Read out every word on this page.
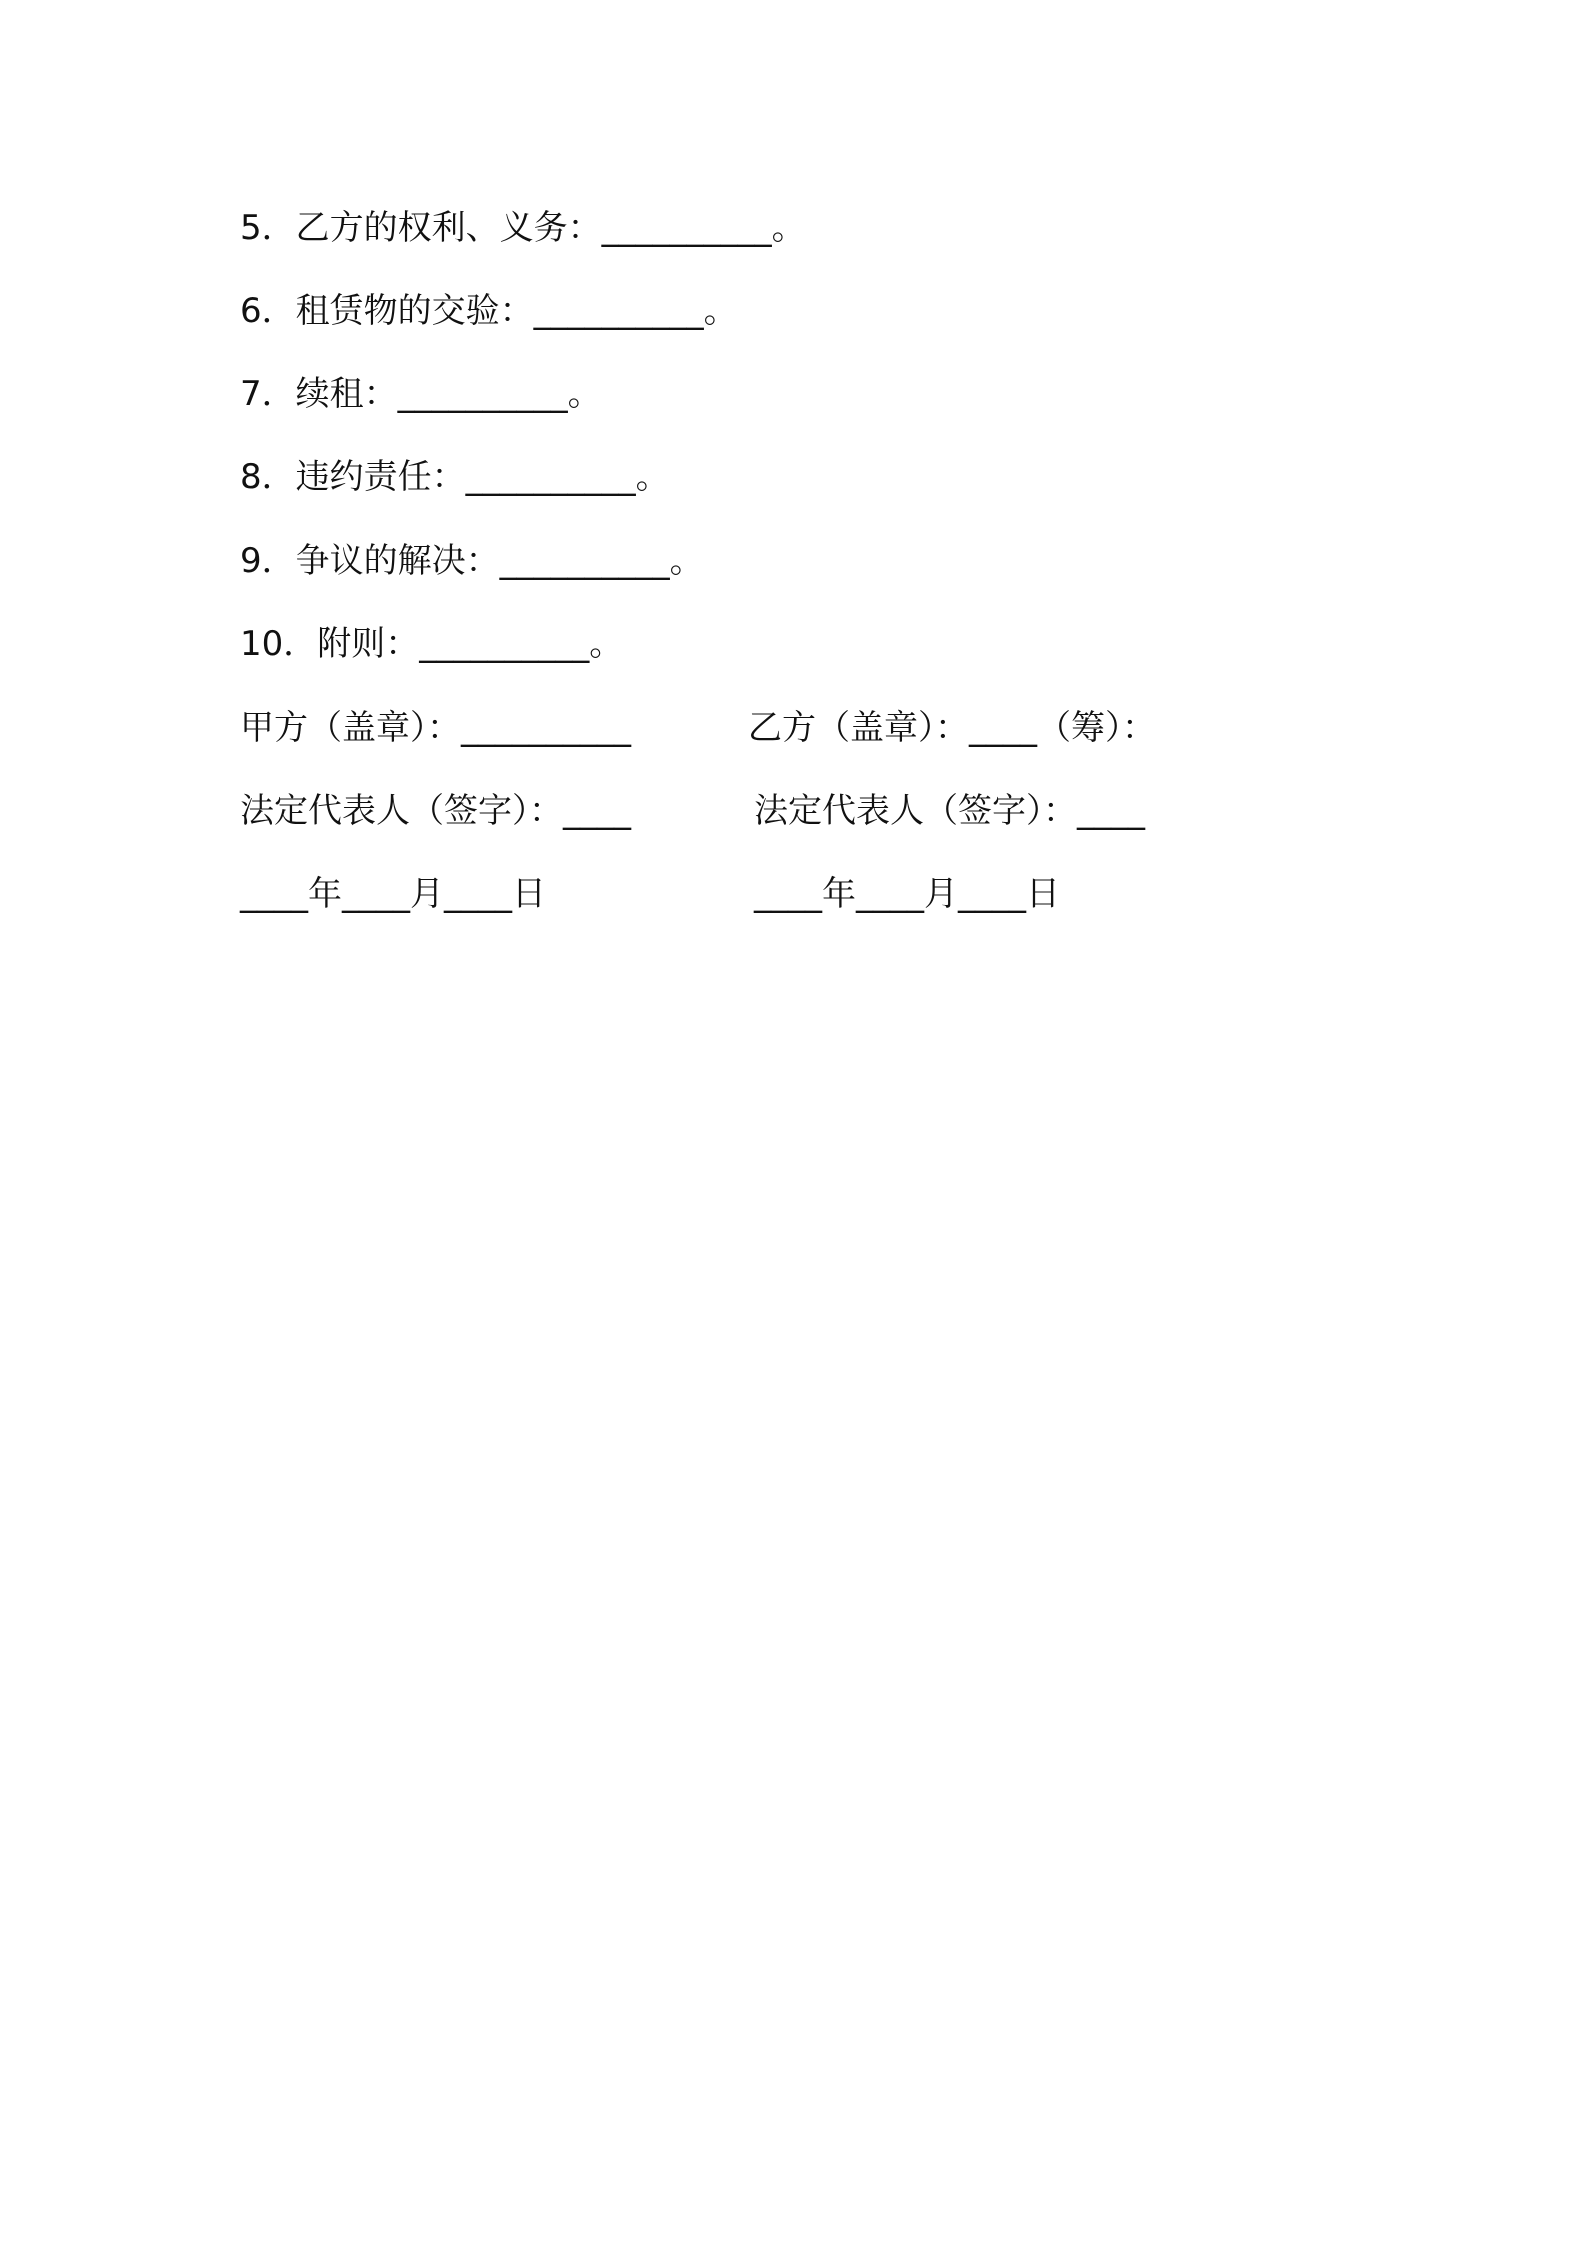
5．乙方的权利、义务：__________。
6．租赁物的交验：__________。
7．续租：__________。
8．违约责任：__________。
9．争议的解决：__________。
10．附则：__________。
甲方（盖章）：__________	乙方（盖章）：____（筹）：
法定代表人（签字）：____	法定代表人（签字）：____
____年____月____日	____年____月____日
